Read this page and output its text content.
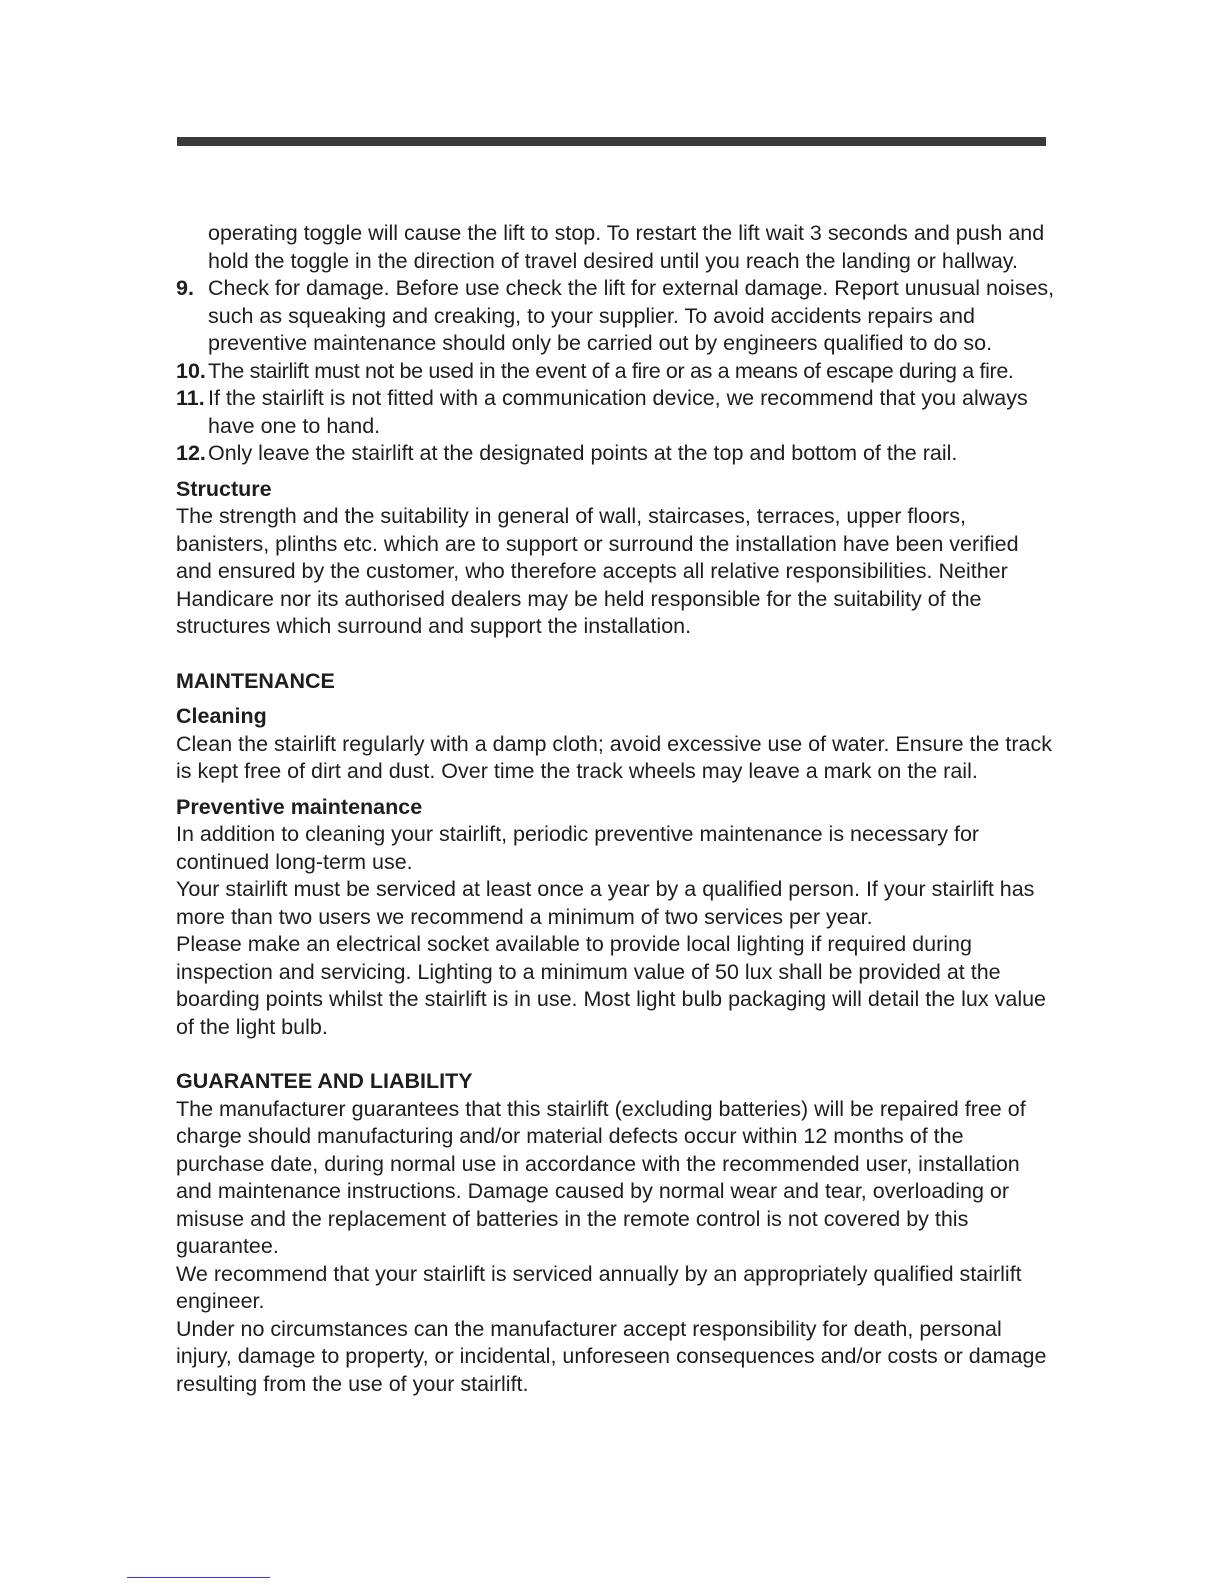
operating toggle will cause the lift to stop. To restart the lift wait 3 seconds and push and hold the toggle in the direction of travel desired until you reach the landing or hallway.

9. Check for damage. Before use check the lift for external damage. Report unusual noises, such as squeaking and creaking, to your supplier. To avoid accidents repairs and preventive maintenance should only be carried out by engineers qualified to do so.
10. The stairlift must not be used in the event of a fire or as a means of escape during a fire.
11. If the stairlift is not fitted with a communication device, we recommend that you always have one to hand.
12. Only leave the stairlift at the designated points at the top and bottom of the rail.

Structure

The strength and the suitability in general of wall, staircases, terraces, upper floors, banisters, plinths etc. which are to support or surround the installation have been verified and ensured by the customer, who therefore accepts all relative responsibilities. Neither Handicare nor its authorised dealers may be held responsible for the suitability of the structures which surround and support the installation.

MAINTENANCE

Cleaning

Clean the stairlift regularly with a damp cloth; avoid excessive use of water. Ensure the track is kept free of dirt and dust. Over time the track wheels may leave a mark on the rail.

Preventive maintenance

In addition to cleaning your stairlift, periodic preventive maintenance is necessary for continued long-term use.

Your stairlift must be serviced at least once a year by a qualified person. If your stairlift has more than two users we recommend a minimum of two services per year.

Please make an electrical socket available to provide local lighting if required during inspection and servicing. Lighting to a minimum value of 50 lux shall be provided at the boarding points whilst the stairlift is in use. Most light bulb packaging will detail the lux value of the light bulb.

GUARANTEE AND LIABILITY

The manufacturer guarantees that this stairlift (excluding batteries) will be repaired free of charge should manufacturing and/or material defects occur within 12 months of the purchase date, during normal use in accordance with the recommended user, installation and maintenance instructions. Damage caused by normal wear and tear, overloading or misuse and the replacement of batteries in the remote control is not covered by this guarantee.

We recommend that your stairlift is serviced annually by an appropriately qualified stairlift engineer.

Under no circumstances can the manufacturer accept responsibility for death, personal injury, damage to property, or incidental, unforeseen consequences and/or costs or damage resulting from the use of your stairlift.
